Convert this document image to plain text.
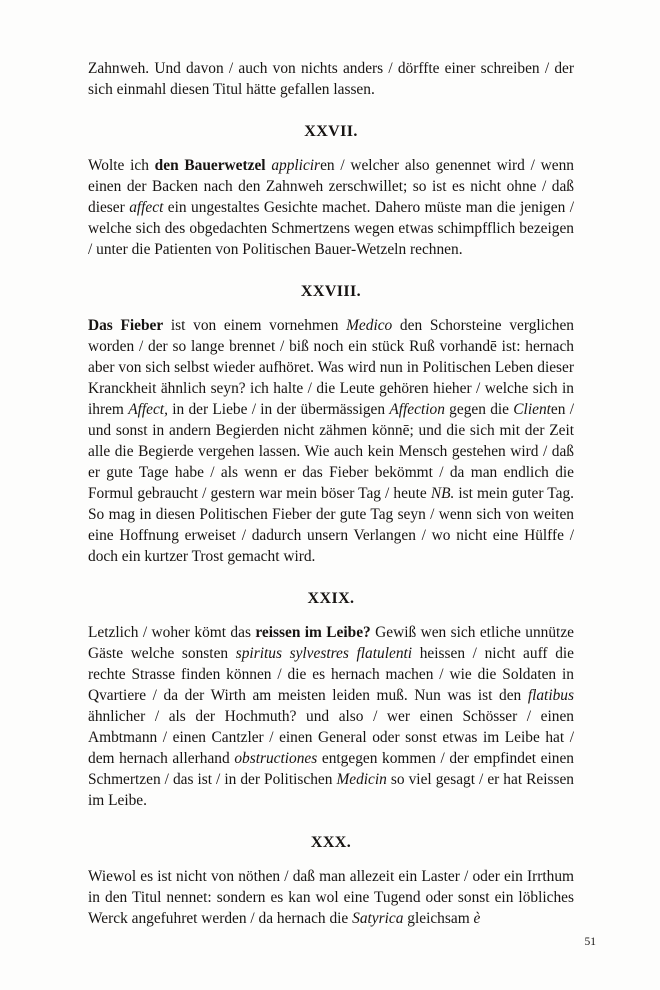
Zahnweh. Und davon / auch von nichts anders / dörffte einer schreiben / der sich einmahl diesen Titul hätte gefallen lassen.

XXVII.

Wolte ich den Bauerwetzel appliciren / welcher also genennet wird / wenn einen der Backen nach den Zahnweh zerschwillet; so ist es nicht ohne / daß dieser affect ein ungestaltes Gesichte machet. Dahero müste man die jenigen / welche sich des obgedachten Schmertzens wegen etwas schimpfflich bezeigen / unter die Patienten von Politischen Bauer-Wetzeln rechnen.

XXVIII.

Das Fieber ist von einem vornehmen Medico den Schorsteine verglichen worden / der so lange brennet / biß noch ein stück Ruß vorhandē ist: hernach aber von sich selbst wieder aufhöret. Was wird nun in Politischen Leben dieser Kranckheit ähnlich seyn? ich halte / die Leute gehören hieher / welche sich in ihrem Affect, in der Liebe / in der übermässigen Affection gegen die Clienten / und sonst in andern Begierden nicht zähmen könnē; und die sich mit der Zeit alle die Begierde vergehen lassen. Wie auch kein Mensch gestehen wird / daß er gute Tage habe / als wenn er das Fieber bekömmt / da man endlich die Formul gebraucht / gestern war mein böser Tag / heute NB. ist mein guter Tag. So mag in diesen Politischen Fieber der gute Tag seyn / wenn sich von weiten eine Hoffnung erweiset / dadurch unsern Verlangen / wo nicht eine Hülffe / doch ein kurtzer Trost gemacht wird.

XXIX.

Letzlich / woher kömt das reissen im Leibe? Gewiß wen sich etliche unnütze Gäste welche sonsten spiritus sylvestres flatulenti heissen / nicht auff die rechte Strasse finden können / die es hernach machen / wie die Soldaten in Qvartiere / da der Wirth am meisten leiden muß. Nun was ist den flatibus ähnlicher / als der Hochmuth? und also / wer einen Schösser / einen Ambtmann / einen Cantzler / einen General oder sonst etwas im Leibe hat / dem hernach allerhand obstructiones entgegen kommen / der empfindet einen Schmertzen / das ist / in der Politischen Medicin so viel gesagt / er hat Reissen im Leibe.

XXX.

Wiewol es ist nicht von nöthen / daß man allezeit ein Laster / oder ein Irrthum in den Titul nennet: sondern es kan wol eine Tugend oder sonst ein löbliches Werck angefuhret werden / da hernach die Satyrica gleichsam è

51
